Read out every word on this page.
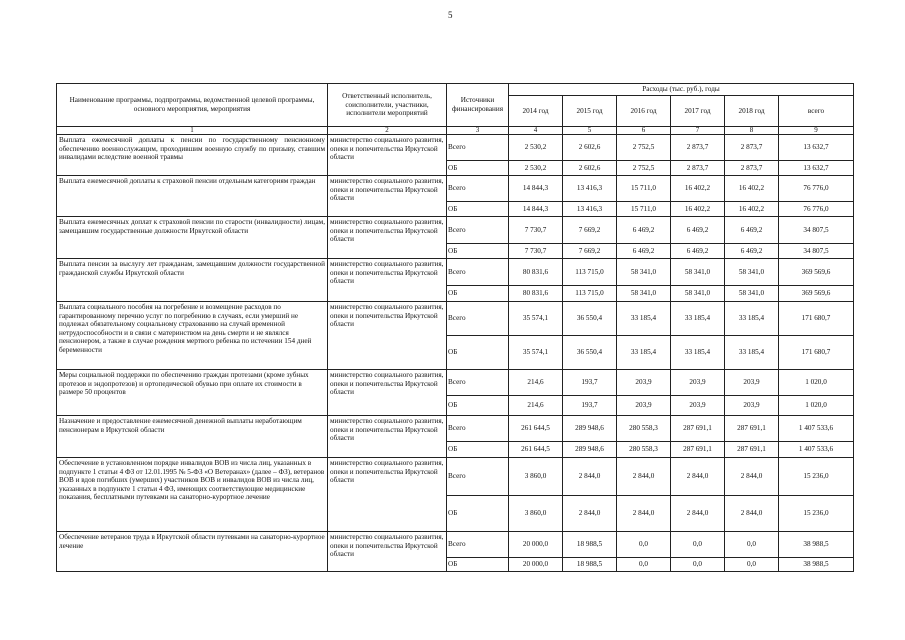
5
Наименование программы, подпрограммы, ведомственной целевой программы, основного мероприятия, мероприятия	Ответственный исполнитель, соисполнители, участники, исполнители мероприятий	Источники финансирования	Расходы (тыс. руб.), годы					
			2014 год	2015 год	2016 год	2017 год	2018 год	всего
1	2	3	4	5	6	7	8	9
Выплата ежемесячной доплаты к пенсии по государственному пенсионному обеспечению военнослужащим, проходившим военную службу по призыву, ставшим инвалидами вследствие военной травмы	министерство социального развития, опеки и попечительства Иркутской области	Всего	2 530,2	2 602,6	2 752,5	2 873,7	2 873,7	13 632,7
		ОБ	2 530,2	2 602,6	2 752,5	2 873,7	2 873,7	13 632,7
Выплата ежемесячной доплаты к страховой пенсии отдельным категориям граждан	министерство социального развития, опеки и попечительства Иркутской области	Всего	14 844,3	13 416,3	15 711,0	16 402,2	16 402,2	76 776,0
		ОБ	14 844,3	13 416,3	15 711,0	16 402,2	16 402,2	76 776,0
Выплата ежемесячных доплат к страховой пенсии по старости (инвалидности) лицам, замещавшим государственные должности Иркутской области	министерство социального развития, опеки и попечительства Иркутской области	Всего	7 730,7	7 669,2	6 469,2	6 469,2	6 469,2	34 807,5
		ОБ	7 730,7	7 669,2	6 469,2	6 469,2	6 469,2	34 807,5
Выплата пенсии за выслугу лет гражданам, замещавшим должности государственной гражданской службы Иркутской области	министерство социального развития, опеки и попечительства Иркутской области	Всего	80 831,6	113 715,0	58 341,0	58 341,0	58 341,0	369 569,6
		ОБ	80 831,6	113 715,0	58 341,0	58 341,0	58 341,0	369 569,6
Выплата социального пособия на погребение и возмещение расходов по гарантированному перечню услуг по погребению в случаях, если умерший не подлежал обязательному социальному страхованию на случай временной нетрудоспособности и в связи с материнством на день смерти и не являлся пенсионером, а также в случае рождения мертвого ребенка по истечении 154 дней беременности	министерство социального развития, опеки и попечительства Иркутской области	Всего	35 574,1	36 550,4	33 185,4	33 185,4	33 185,4	171 680,7
		ОБ	35 574,1	36 550,4	33 185,4	33 185,4	33 185,4	171 680,7
Меры социальной поддержки по обеспечению граждан протезами (кроме зубных протезов и эндопротезов) и ортопедической обувью при оплате их стоимости в размере 50 процентов	министерство социального развития, опеки и попечительства Иркутской области	Всего	214,6	193,7	203,9	203,9	203,9	1 020,0
		ОБ	214,6	193,7	203,9	203,9	203,9	1 020,0
Назначение и предоставление ежемесячной денежной выплаты неработающим пенсионерам в Иркутской области	министерство социального развития, опеки и попечительства Иркутской области	Всего	261 644,5	289 948,6	280 558,3	287 691,1	287 691,1	1 407 533,6
		ОБ	261 644,5	289 948,6	280 558,3	287 691,1	287 691,1	1 407 533,6
Обеспечение в установленном порядке инвалидов ВОВ из числа лиц, указанных в подпункте 1 статьи 4 ФЗ от 12.01.1995 № 5-ФЗ «О Ветеранах» (далее – ФЗ), ветеранов ВОВ и вдов погибших (умерших) участников ВОВ и инвалидов ВОВ из числа лиц, указанных в подпункте 1 статьи 4 ФЗ, имеющих соответствующие медицинские показания, бесплатными путевками на санаторно-курортное лечение	министерство социального развития, опеки и попечительства Иркутской области	Всего	3 860,0	2 844,0	2 844,0	2 844,0	2 844,0	15 236,0
		ОБ	3 860,0	2 844,0	2 844,0	2 844,0	2 844,0	15 236,0
Обеспечение ветеранов труда в Иркутской области путевками на санаторно-курортное лечение	министерство социального развития, опеки и попечительства Иркутской области	Всего	20 000,0	18 988,5	0,0	0,0	0,0	38 988,5
		ОБ	20 000,0	18 988,5	0,0	0,0	0,0	38 988,5
